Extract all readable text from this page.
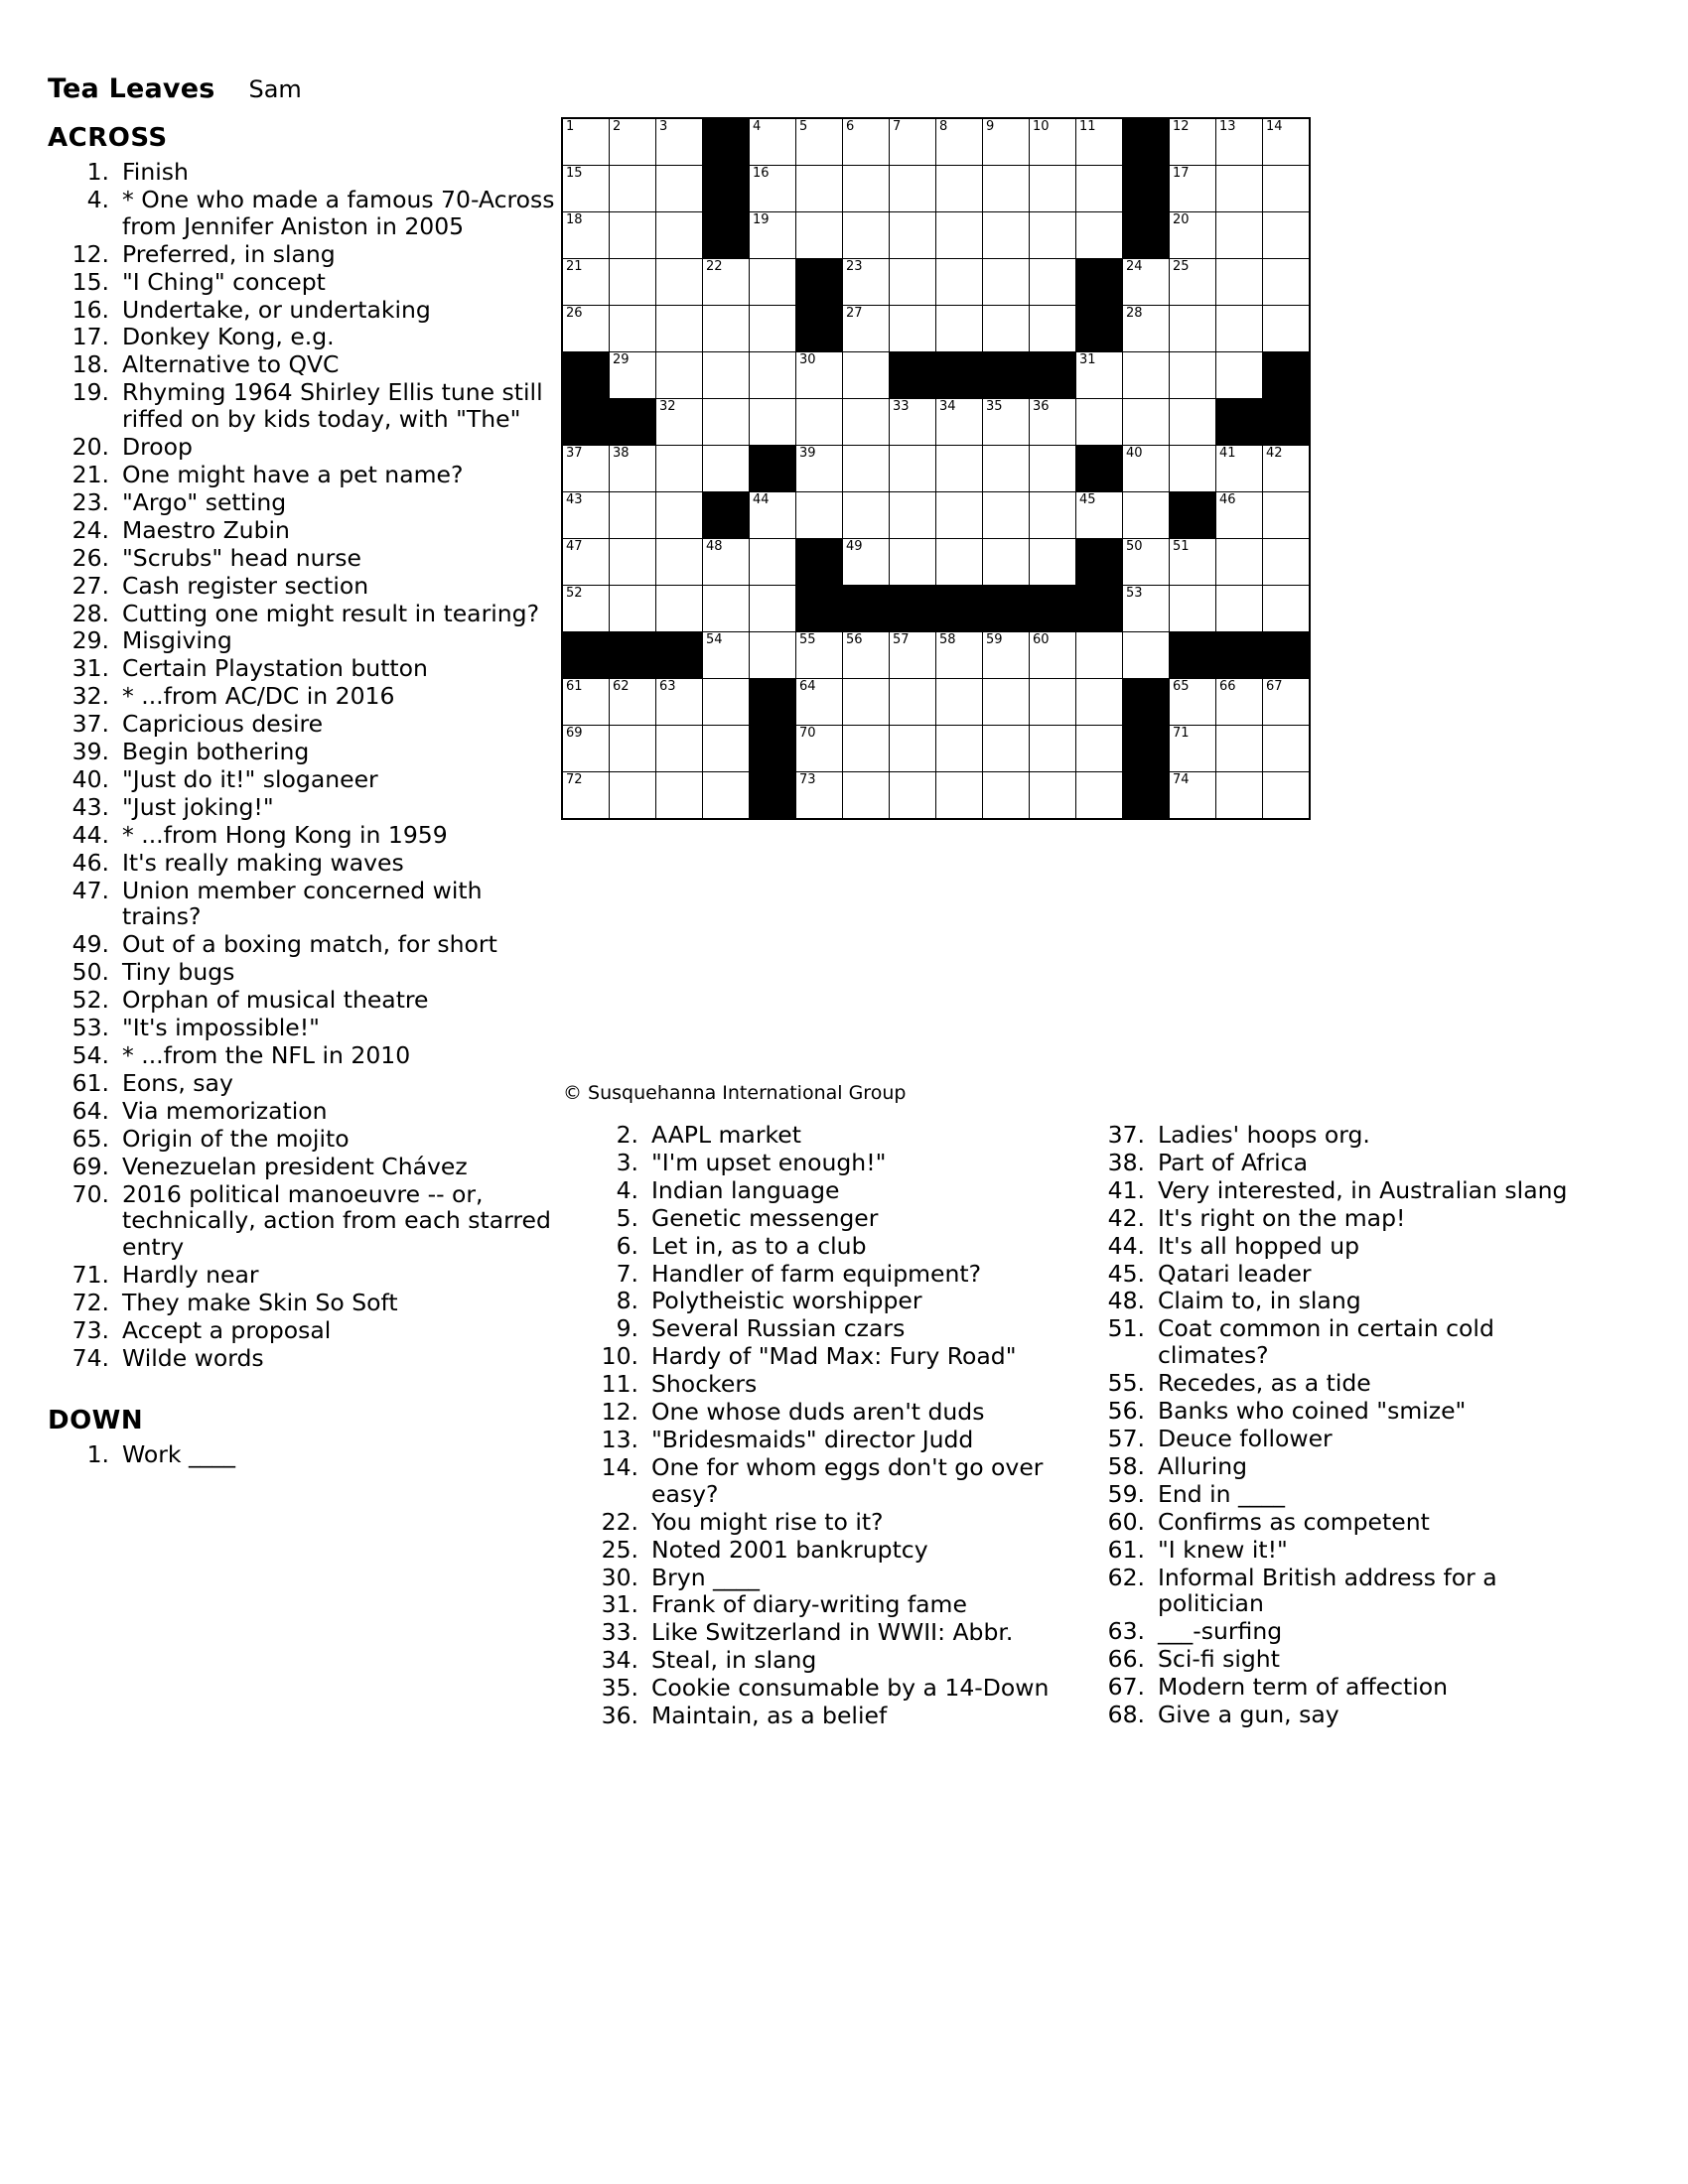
Tea Leaves Sam
ACROSS
1. Finish
4. * One who made a famous 70-Across from Jennifer Aniston in 2005
12. Preferred, in slang
15. "I Ching" concept
16. Undertake, or undertaking
17. Donkey Kong, e.g.
18. Alternative to QVC
19. Rhyming 1964 Shirley Ellis tune still riffed on by kids today, with "The"
20. Droop
21. One might have a pet name?
23. "Argo" setting
24. Maestro Zubin
26. "Scrubs" head nurse
27. Cash register section
28. Cutting one might result in tearing?
29. Misgiving
31. Certain Playstation button
32. * ...from AC/DC in 2016
37. Capricious desire
39. Begin bothering
40. "Just do it!" sloganeer
43. "Just joking!"
44. * ...from Hong Kong in 1959
46. It's really making waves
47. Union member concerned with trains?
49. Out of a boxing match, for short
50. Tiny bugs
52. Orphan of musical theatre
53. "It's impossible!"
54. * ...from the NFL in 2010
61. Eons, say
64. Via memorization
65. Origin of the mojito
69. Venezuelan president Chávez
70. 2016 political manoeuvre -- or, technically, action from each starred entry
71. Hardly near
72. They make Skin So Soft
73. Accept a proposal
74. Wilde words
DOWN
1. Work ____
1	2	3		4	5	6	7	8	9	10	11		12	13	14

15				16									17		

18				19									20		

21			22			23						24	25		

26						27						28			

	29				30						31				

		32					33	34	35	36					

37	38				39							40		41	42

43				44							45			46	

47			48			49						50	51		

52												53			

			54		55	56	57	58	59	60					

61	62	63			64								65	66	67

69					70								71		

72					73								74		

© Susquehanna International Group
2. AAPL market
3. "I'm upset enough!"
4. Indian language
5. Genetic messenger
6. Let in, as to a club
7. Handler of farm equipment?
8. Polytheistic worshipper
9. Several Russian czars
10. Hardy of "Mad Max: Fury Road"
11. Shockers
12. One whose duds aren't duds
13. "Bridesmaids" director Judd
14. One for whom eggs don't go over easy?
22. You might rise to it?
25. Noted 2001 bankruptcy
30. Bryn ____
31. Frank of diary-writing fame
33. Like Switzerland in WWII: Abbr.
34. Steal, in slang
35. Cookie consumable by a 14-Down
36. Maintain, as a belief
37. Ladies' hoops org.
38. Part of Africa
41. Very interested, in Australian slang
42. It's right on the map!
44. It's all hopped up
45. Qatari leader
48. Claim to, in slang
51. Coat common in certain cold climates?
55. Recedes, as a tide
56. Banks who coined "smize"
57. Deuce follower
58. Alluring
59. End in ____
60. Confirms as competent
61. "I knew it!"
62. Informal British address for a politician
63. ___-surfing
66. Sci-fi sight
67. Modern term of affection
68. Give a gun, say
